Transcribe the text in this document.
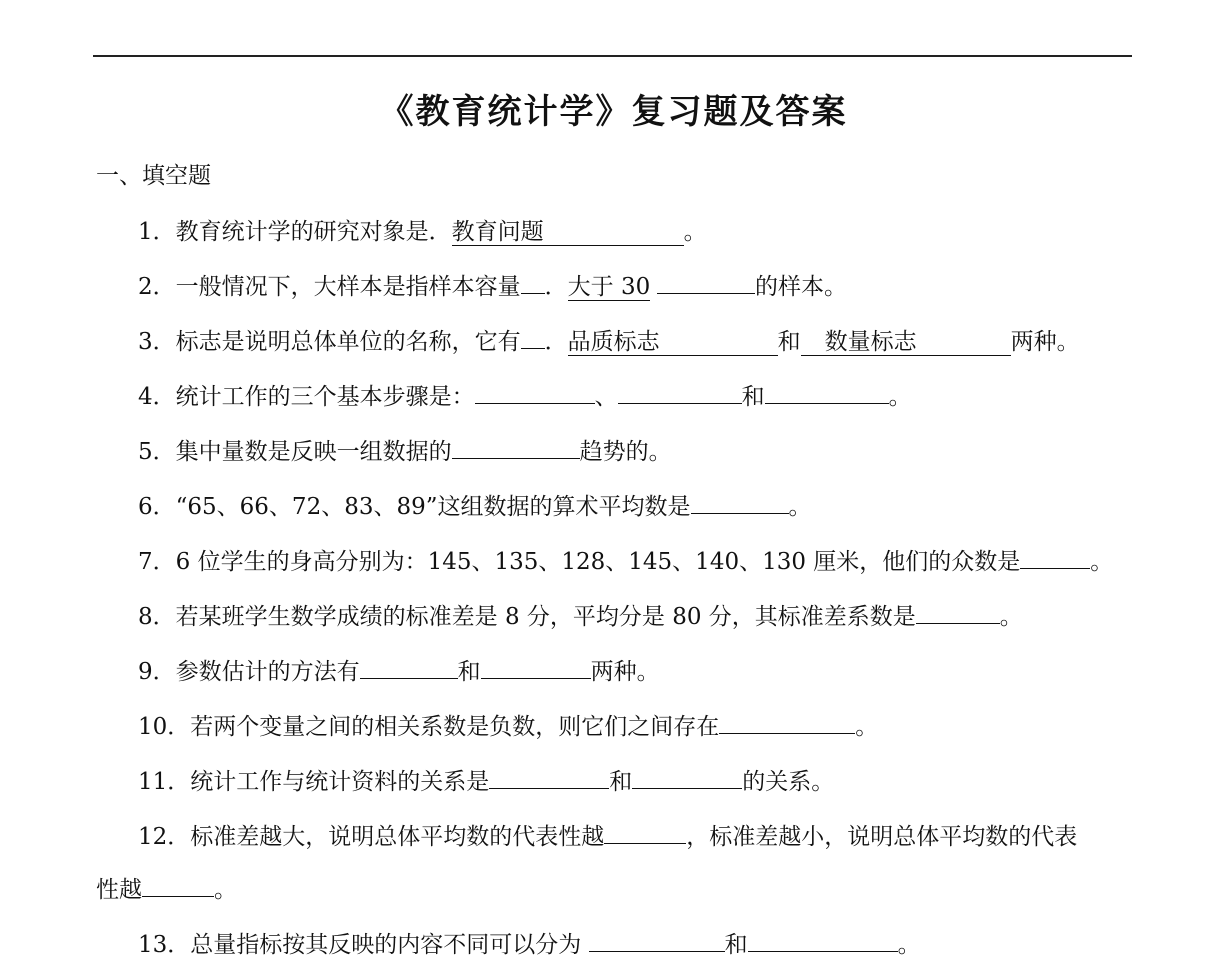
《教育统计学》复习题及答案
一、填空题
1．教育统计学的研究对象是．教育问题	。
2．一般情况下，大样本是指样本容量 ．大于 30	的样本。
3．标志是说明总体单位的名称，它有 ．品质标志	和 数量标志	两种。
4．统计工作的三个基本步骤是：	、	和	。
5．集中量数是反映一组数据的	趋势的。
6．“65、66、72、83、89”这组数据的算术平均数是	。
7．6 位学生的身高分别为：145、135、128、145、140、130 厘米，他们的众数是	。
8．若某班学生数学成绩的标准差是 8 分，平均分是 80 分，其标准差系数是	。
9．参数估计的方法有	和	两种。
10．若两个变量之间的相关系数是负数，则它们之间存在	。
11．统计工作与统计资料的关系是	和	的关系。
12．标准差越大，说明总体平均数的代表性越	，标准差越小，说明总体平均数的代表
性越	。
13．总量指标按其反映的内容不同可以分为	和	。
